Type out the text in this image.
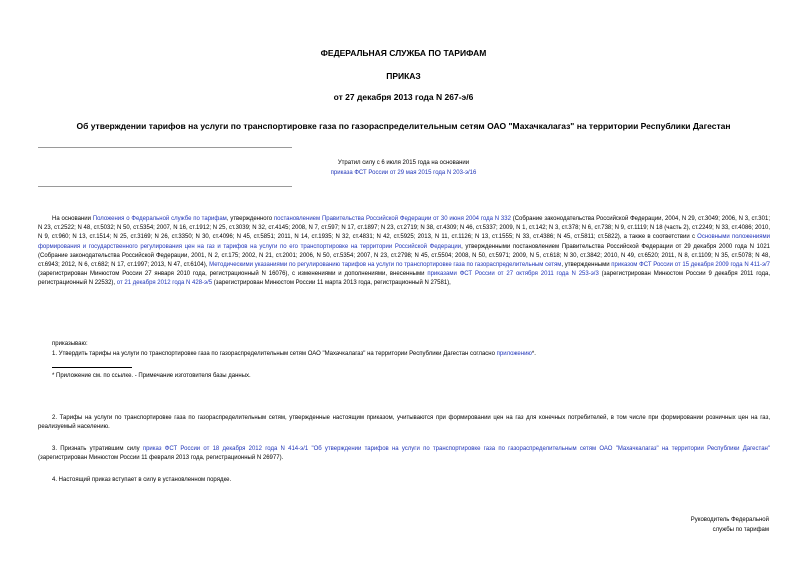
ФЕДЕРАЛЬНАЯ СЛУЖБА ПО ТАРИФАМ
ПРИКАЗ
от 27 декабря 2013 года N 267-э/6
Об утверждении тарифов на услуги по транспортировке газа по газораспределительным сетям ОАО "Махачкалагаз" на территории Республики Дагестан
Утратил силу с 6 июля 2015 года на основании
приказа ФСТ России от 29 мая 2015 года N 203-э/16

На основании Положения о Федеральной службе по тарифам, утвержденного постановлением Правительства Российской Федерации от 30 июня 2004 года N 332 (Собрание законодательства Российской Федерации, 2004, N 29, ст.3049; 2006, N 3, ст.301; N 23, ст.2522; N 48, ст.5032; N 50, ст.5354; 2007, N 16, ст.1912; N 25, ст.3039; N 32, ст.4145; 2008, N 7, ст.597; N 17, ст.1897; N 23, ст.2719; N 38, ст.4309; N 46, ст.5337; 2009, N 1, ст.142; N 3, ст.378; N 6, ст.738; N 9, ст.1119; N 18 (часть 2), ст.2249; N 33, ст.4086; 2010, N 9, ст.960; N 13, ст.1514; N 25, ст.3169; N 26, ст.3350; N 30, ст.4096; N 45, ст.5851; 2011, N 14, ст.1935; N 32, ст.4831; N 42, ст.5925; 2013, N 11, ст.1126; N 13, ст.1555; N 33, ст.4386; N 45, ст.5811; ст.5822), а также в соответствии с Основными положениями формирования и государственного регулирования цен на газ и тарифов на услуги по его транспортировке на территории Российской Федерации, утвержденными постановлением Правительства Российской Федерации от 29 декабря 2000 года N 1021 (Собрание законодательства Российской Федерации, 2001, N 2, ст.175; 2002, N 21, ст.2001; 2006, N 50, ст.5354; 2007, N 23, ст.2798; N 45, ст.5504; 2008, N 50, ст.5971; 2009, N 5, ст.618; N 30, ст.3842; 2010, N 49, ст.6520; 2011, N 8, ст.1109; N 35, ст.5078; N 48, ст.6943; 2012, N 6, ст.682; N 17, ст.1997; 2013, N 47, ст.6104), Методическими указаниями по регулированию тарифов на услуги по транспортировке газа по газораспределительным сетям, утвержденными приказом ФСТ России от 15 декабря 2009 года N 411-э/7 (зарегистрирован Минюстом России 27 января 2010 года, регистрационный N 16076), с изменениями и дополнениями, внесенными приказами ФСТ России от 27 октября 2011 года N 253-э/3 (зарегистрирован Минюстом России 9 декабря 2011 года, регистрационный N 22532), от 21 декабря 2012 года N 428-э/5 (зарегистрирован Минюстом России 11 марта 2013 года, регистрационный N 27581),

приказываю:

1. Утвердить тарифы на услуги по транспортировке газа по газораспределительным сетям ОАО "Махачкалагаз" на территории Республики Дагестан согласно приложению*.

* Приложение см. по ссылке. - Примечание изготовителя базы данных.

2. Тарифы на услуги по транспортировке газа по газораспределительным сетям, утвержденные настоящим приказом, учитываются при формировании цен на газ для конечных потребителей, в том числе при формировании розничных цен на газ, реализуемый населению.

3. Признать утратившим силу приказ ФСТ России от 18 декабря 2012 года N 414-э/1 "Об утверждении тарифов на услуги по транспортировке газа по газораспределительным сетям ОАО "Махачкалагаз" на территории Республики Дагестан" (зарегистрирован Минюстом России 11 февраля 2013 года, регистрационный N 26977).

4. Настоящий приказ вступает в силу в установленном порядке.

Руководитель Федеральной
службы по тарифам
